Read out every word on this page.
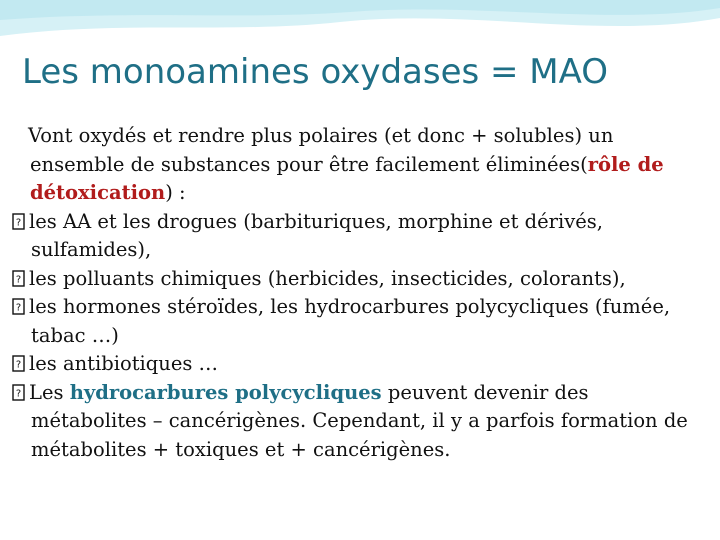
Les monoamines oxydases = MAO

Vont oxydés et rendre plus polaires (et donc + solubles) un ensemble de substances pour être facilement éliminées(rôle de détoxication) :

? les AA et les drogues (barbituriques, morphine et dérivés, sulfamides),

? les polluants chimiques (herbicides, insecticides, colorants),

? les hormones stéroïdes, les hydrocarbures polycycliques (fumée, tabac …)

? les antibiotiques …

? Les hydrocarbures polycycliques peuvent devenir des métabolites – cancérigènes. Cependant, il y a parfois formation de métabolites + toxiques et + cancérigènes.
